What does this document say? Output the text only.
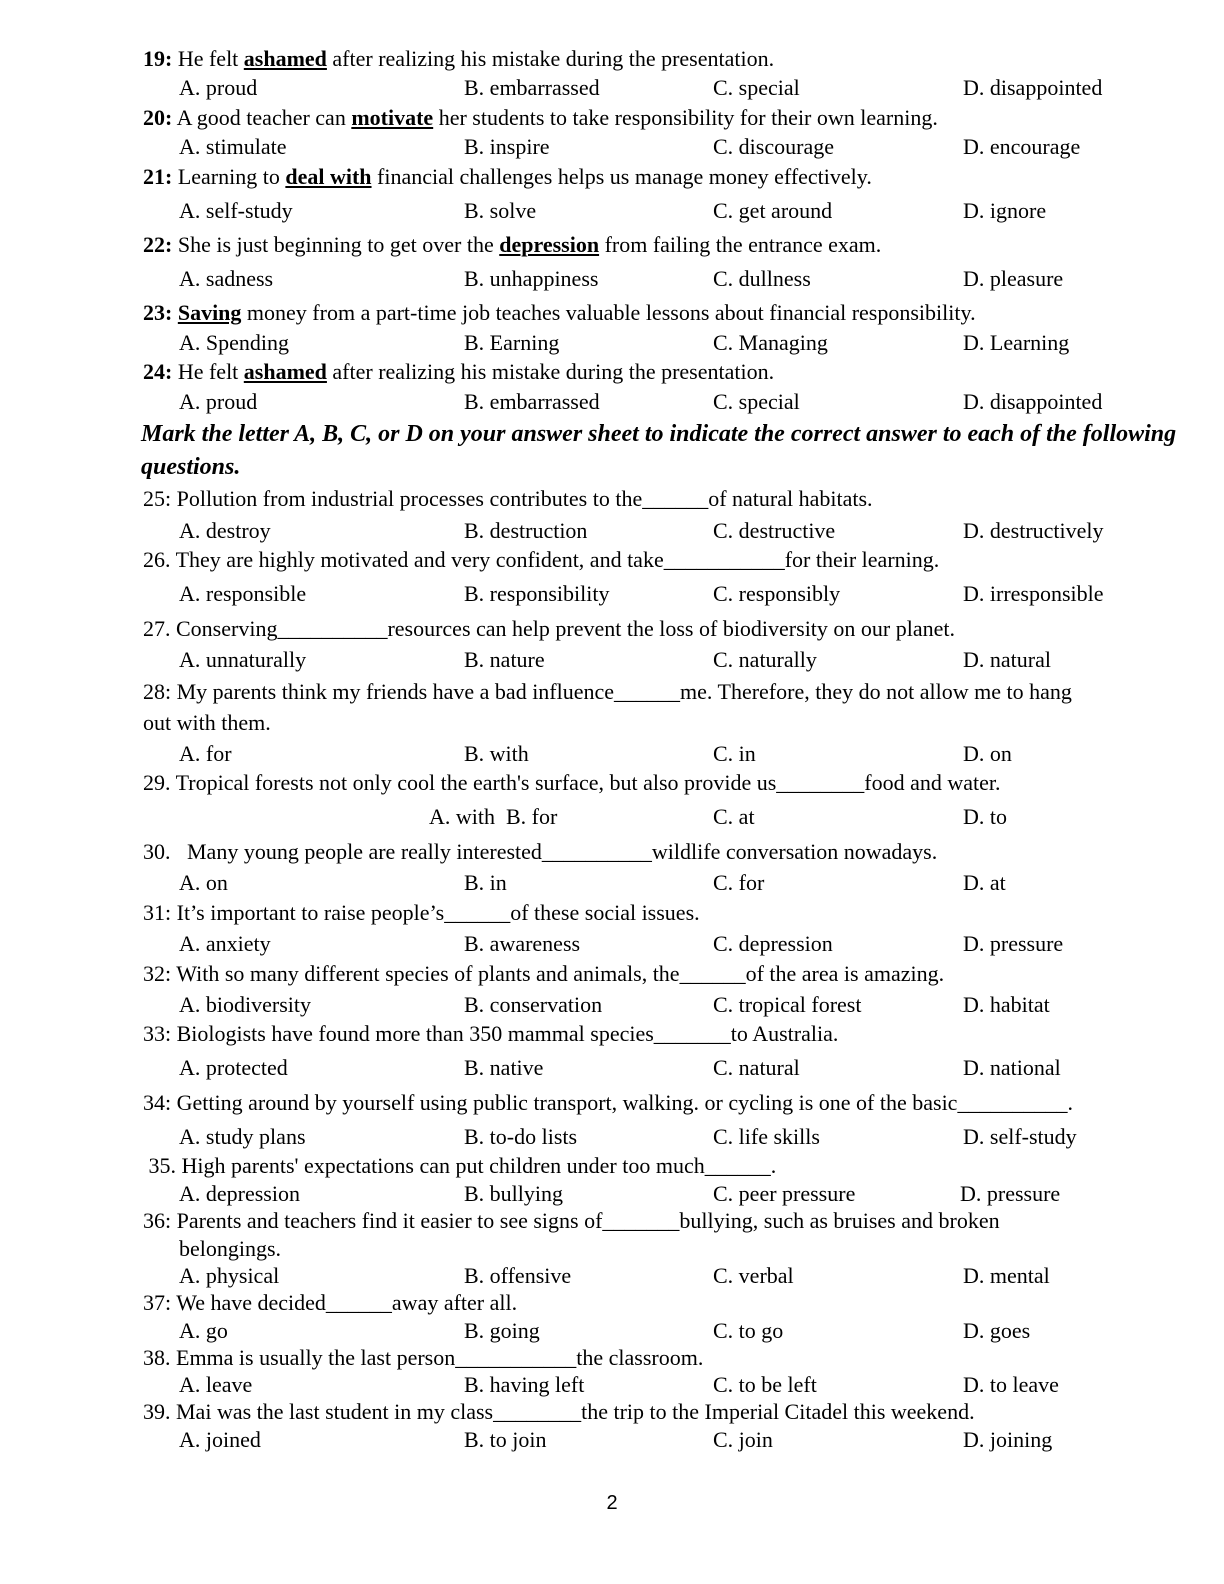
19: He felt ashamed after realizing his mistake during the presentation.
A. proud	B. embarrassed	C. special	D. disappointed
20: A good teacher can motivate her students to take responsibility for their own learning.
A. stimulate	B. inspire	C. discourage	D. encourage
21: Learning to deal with financial challenges helps us manage money effectively.
A. self-study	B. solve	C. get around	D. ignore
22: She is just beginning to get over the depression from failing the entrance exam.
A. sadness	B. unhappiness	C. dullness	D. pleasure
23: Saving money from a part-time job teaches valuable lessons about financial responsibility.
A. Spending	B. Earning	C. Managing	D. Learning
24: He felt ashamed after realizing his mistake during the presentation.
A. proud	B. embarrassed	C. special	D. disappointed
Mark the letter A, B, C, or D on your answer sheet to indicate the correct answer to each of the following questions.
25: Pollution from industrial processes contributes to the______of natural habitats.
A. destroy	B. destruction	C. destructive	D. destructively
26. They are highly motivated and very confident, and take___________for their learning.
A. responsible	B. responsibility	C. responsibly	D. irresponsible
27. Conserving__________resources can help prevent the loss of biodiversity on our planet.
A. unnaturally	B. nature	C. naturally	D. natural
28: My parents think my friends have a bad influence______me. Therefore, they do not allow me to hang
out with them.
A. for	B. with	C. in	D. on
29. Tropical forests not only cool the earth's surface, but also provide us________food and water.
A. with  B. for	C. at	D. to
30.   Many young people are really interested__________wildlife conversation nowadays.
A. on	B. in	C. for	D. at
31: It’s important to raise people’s______of these social issues.
A. anxiety	B. awareness	C. depression	D. pressure
32: With so many different species of plants and animals, the______of the area is amazing.
A. biodiversity	B. conservation	C. tropical forest	D. habitat
33: Biologists have found more than 350 mammal species_______to Australia.
A. protected	B. native	C. natural	D. national
34: Getting around by yourself using public transport, walking. or cycling is one of the basic__________.
A. study plans	B. to-do lists	C. life skills	D. self-study
35. High parents' expectations can put children under too much______.
A. depression	B. bullying	C. peer pressure	D. pressure
36: Parents and teachers find it easier to see signs of_______bullying, such as bruises and broken
belongings.
A. physical	B. offensive	C. verbal	D. mental
37: We have decided______away after all.
A. go	B. going	C. to go	D. goes
38. Emma is usually the last person___________the classroom.
A. leave	B. having left	C. to be left	D. to leave
39. Mai was the last student in my class________the trip to the Imperial Citadel this weekend.
A. joined	B. to join	C. join	D. joining
2
